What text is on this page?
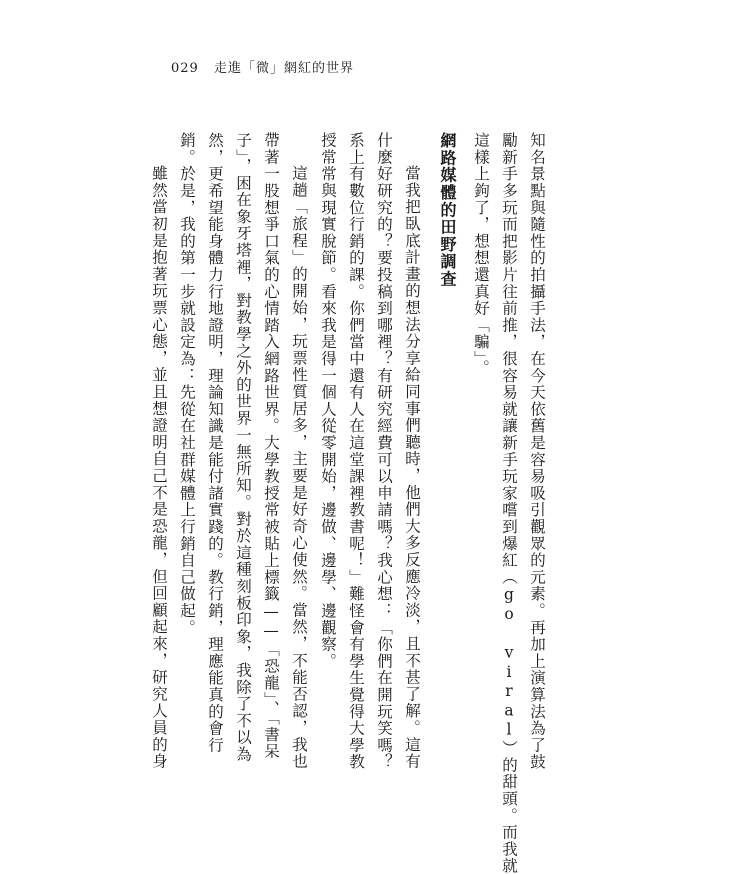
029 走進「微」網紅的世界
知名景點與隨性的拍攝手法，在今天依舊是容易吸引觀眾的元素。再加上演算法為了鼓
勵新手多玩而把影片往前推，很容易就讓新手玩家嚐到爆紅（go viral）的甜頭。而我就
這樣上鉤了，想想還真好「騙」。
網路媒體的田野調查
當我把臥底計畫的想法分享給同事們聽時，他們大多反應冷淡，且不甚了解。這有
什麼好研究的？要投稿到哪裡？有研究經費可以申請嗎？我心想：「你們在開玩笑嗎？
系上有數位行銷的課。你們當中還有人在這堂課裡教書呢！」難怪會有學生覺得大學教
授常常與現實脫節。看來我是得一個人從零開始，邊做、邊學、邊觀察。
這趟「旅程」的開始，玩票性質居多，主要是好奇心使然。當然，不能否認，我也
帶著一股想爭口氣的心情踏入網路世界。大學教授常被貼上標籤——「恐龍」、「書呆
子」，困在象牙塔裡，對教學之外的世界一無所知。對於這種刻板印象，我除了不以為
然，更希望能身體力行地證明，理論知識是能付諸實踐的。教行銷，理應能真的會行
銷。於是，我的第一步就設定為：先從在社群媒體上行銷自己做起。
雖然當初是抱著玩票心態，並且想證明自己不是恐龍，但回顧起來，研究人員的身
